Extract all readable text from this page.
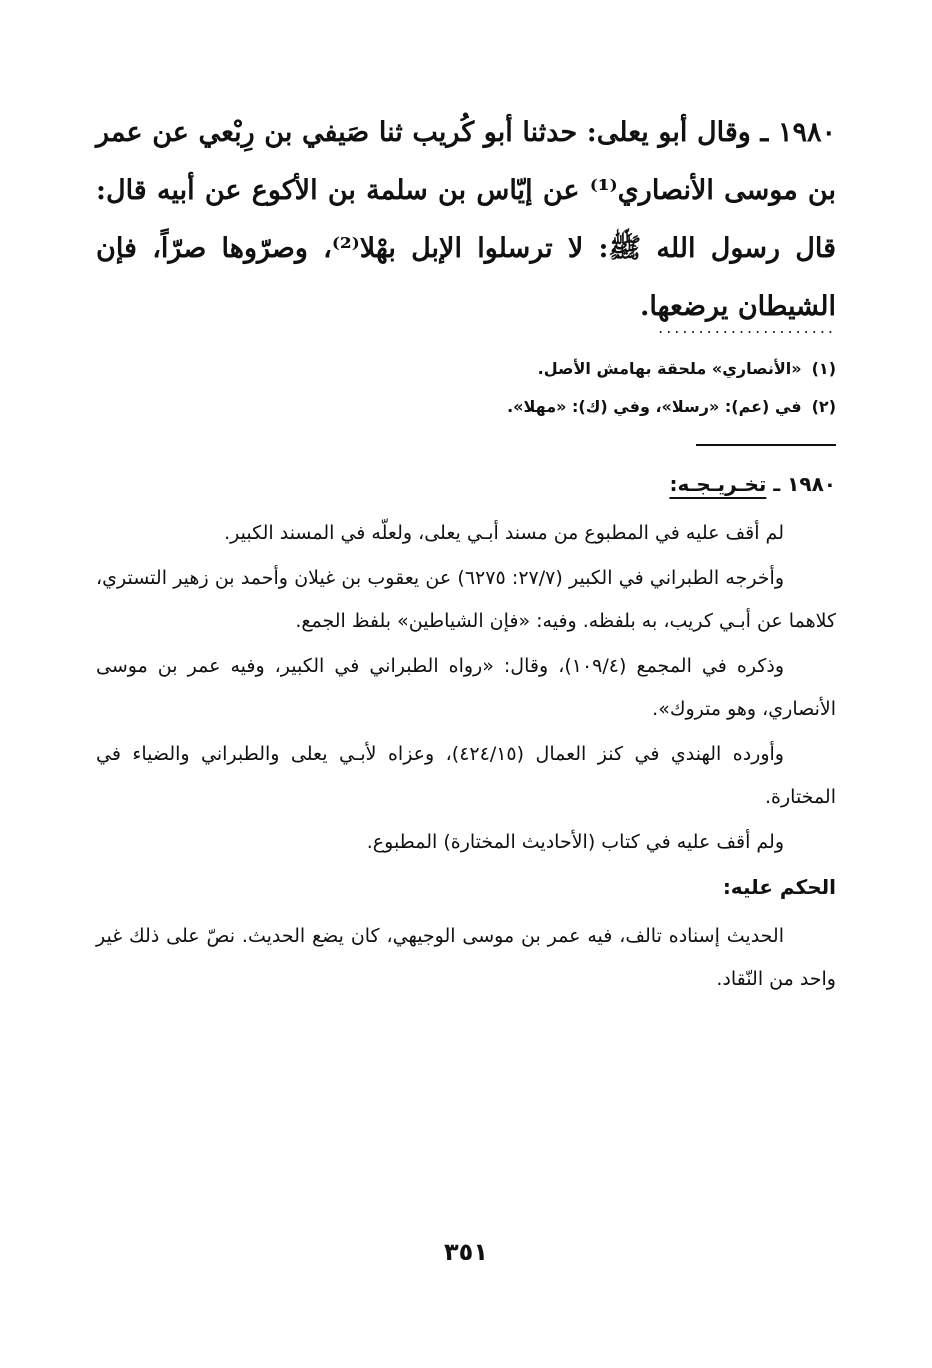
١٩٨٠ ـ وقال أبو يعلى: حدثنا أبو كُريب ثنا صَيفي بن رِبْعي عن عمر بن موسى الأنصاري⁽¹⁾ عن إيّاس بن سلمة بن الأكوع عن أبيه قال: قال رسول الله ﷺ: لا ترسلوا الإبل بهْلا⁽²⁾، وصرّوها صرّاً، فإن الشيطان يرضعها.
......................
(١)«الأنصاري» ملحقة بهامش الأصل.
(٢)في (عم): «رسلا»، وفي (ك): «مهلا».
١٩٨٠ ـ تخـريـجـه:

لم أقف عليه في المطبوع من مسند أبـي يعلى، ولعلّه في المسند الكبير.

وأخرجه الطبراني في الكبير (٢٧/٧: ٦٢٧٥) عن يعقوب بن غيلان وأحمد بن زهير التستري، كلاهما عن أبـي كريب، به بلفظه. وفيه: «فإن الشياطين» بلفظ الجمع.

وذكره في المجمع (١٠٩/٤)، وقال: «رواه الطبراني في الكبير، وفيه عمر بن موسى الأنصاري، وهو متروك».

وأورده الهندي في كنز العمال (٤٢٤/١٥)، وعزاه لأبـي يعلى والطبراني والضياء في المختارة.

ولم أقف عليه في كتاب (الأحاديث المختارة) المطبوع.

الحكم عليه:

الحديث إسناده تالف، فيه عمر بن موسى الوجيهي، كان يضع الحديث. نصّ على ذلك غير واحد من النّقاد.

٣٥١
